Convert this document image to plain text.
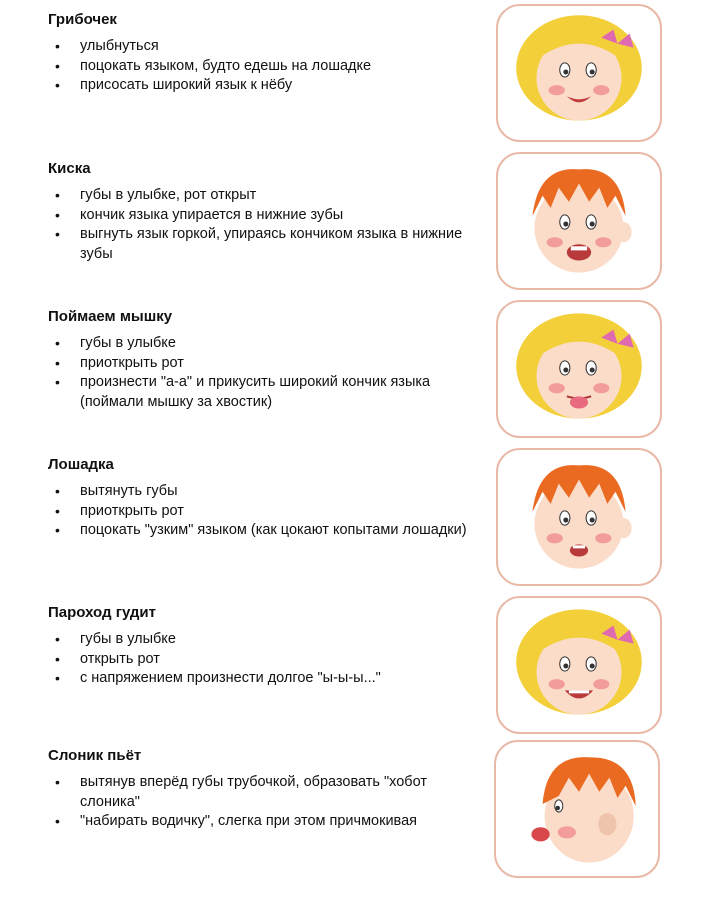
Грибочек
• улыбнуться
• поцокать языком, будто едешь на лошадке
• присосать широкий язык к нёбу
Киска
• губы в улыбке, рот открыт
• кончик языка упирается в нижние зубы
• выгнуть язык горкой, упираясь кончиком языка в нижние зубы
Поймаем мышку
• губы в улыбке
• приоткрыть рот
• произнести "а-а" и прикусить широкий кончик языка (поймали мышку за хвостик)
Лошадка
• вытянуть губы
• приоткрыть рот
• поцокать "узким" языком (как цокают копытами лошадки)
Пароход гудит
• губы в улыбке
• открыть рот
• с напряжением произнести долгое "ы-ы-ы..."
Слоник пьёт
• вытянув вперёд губы трубочкой, образовать "хобот слоника"
• "набирать водичку", слегка при этом причмокивая
